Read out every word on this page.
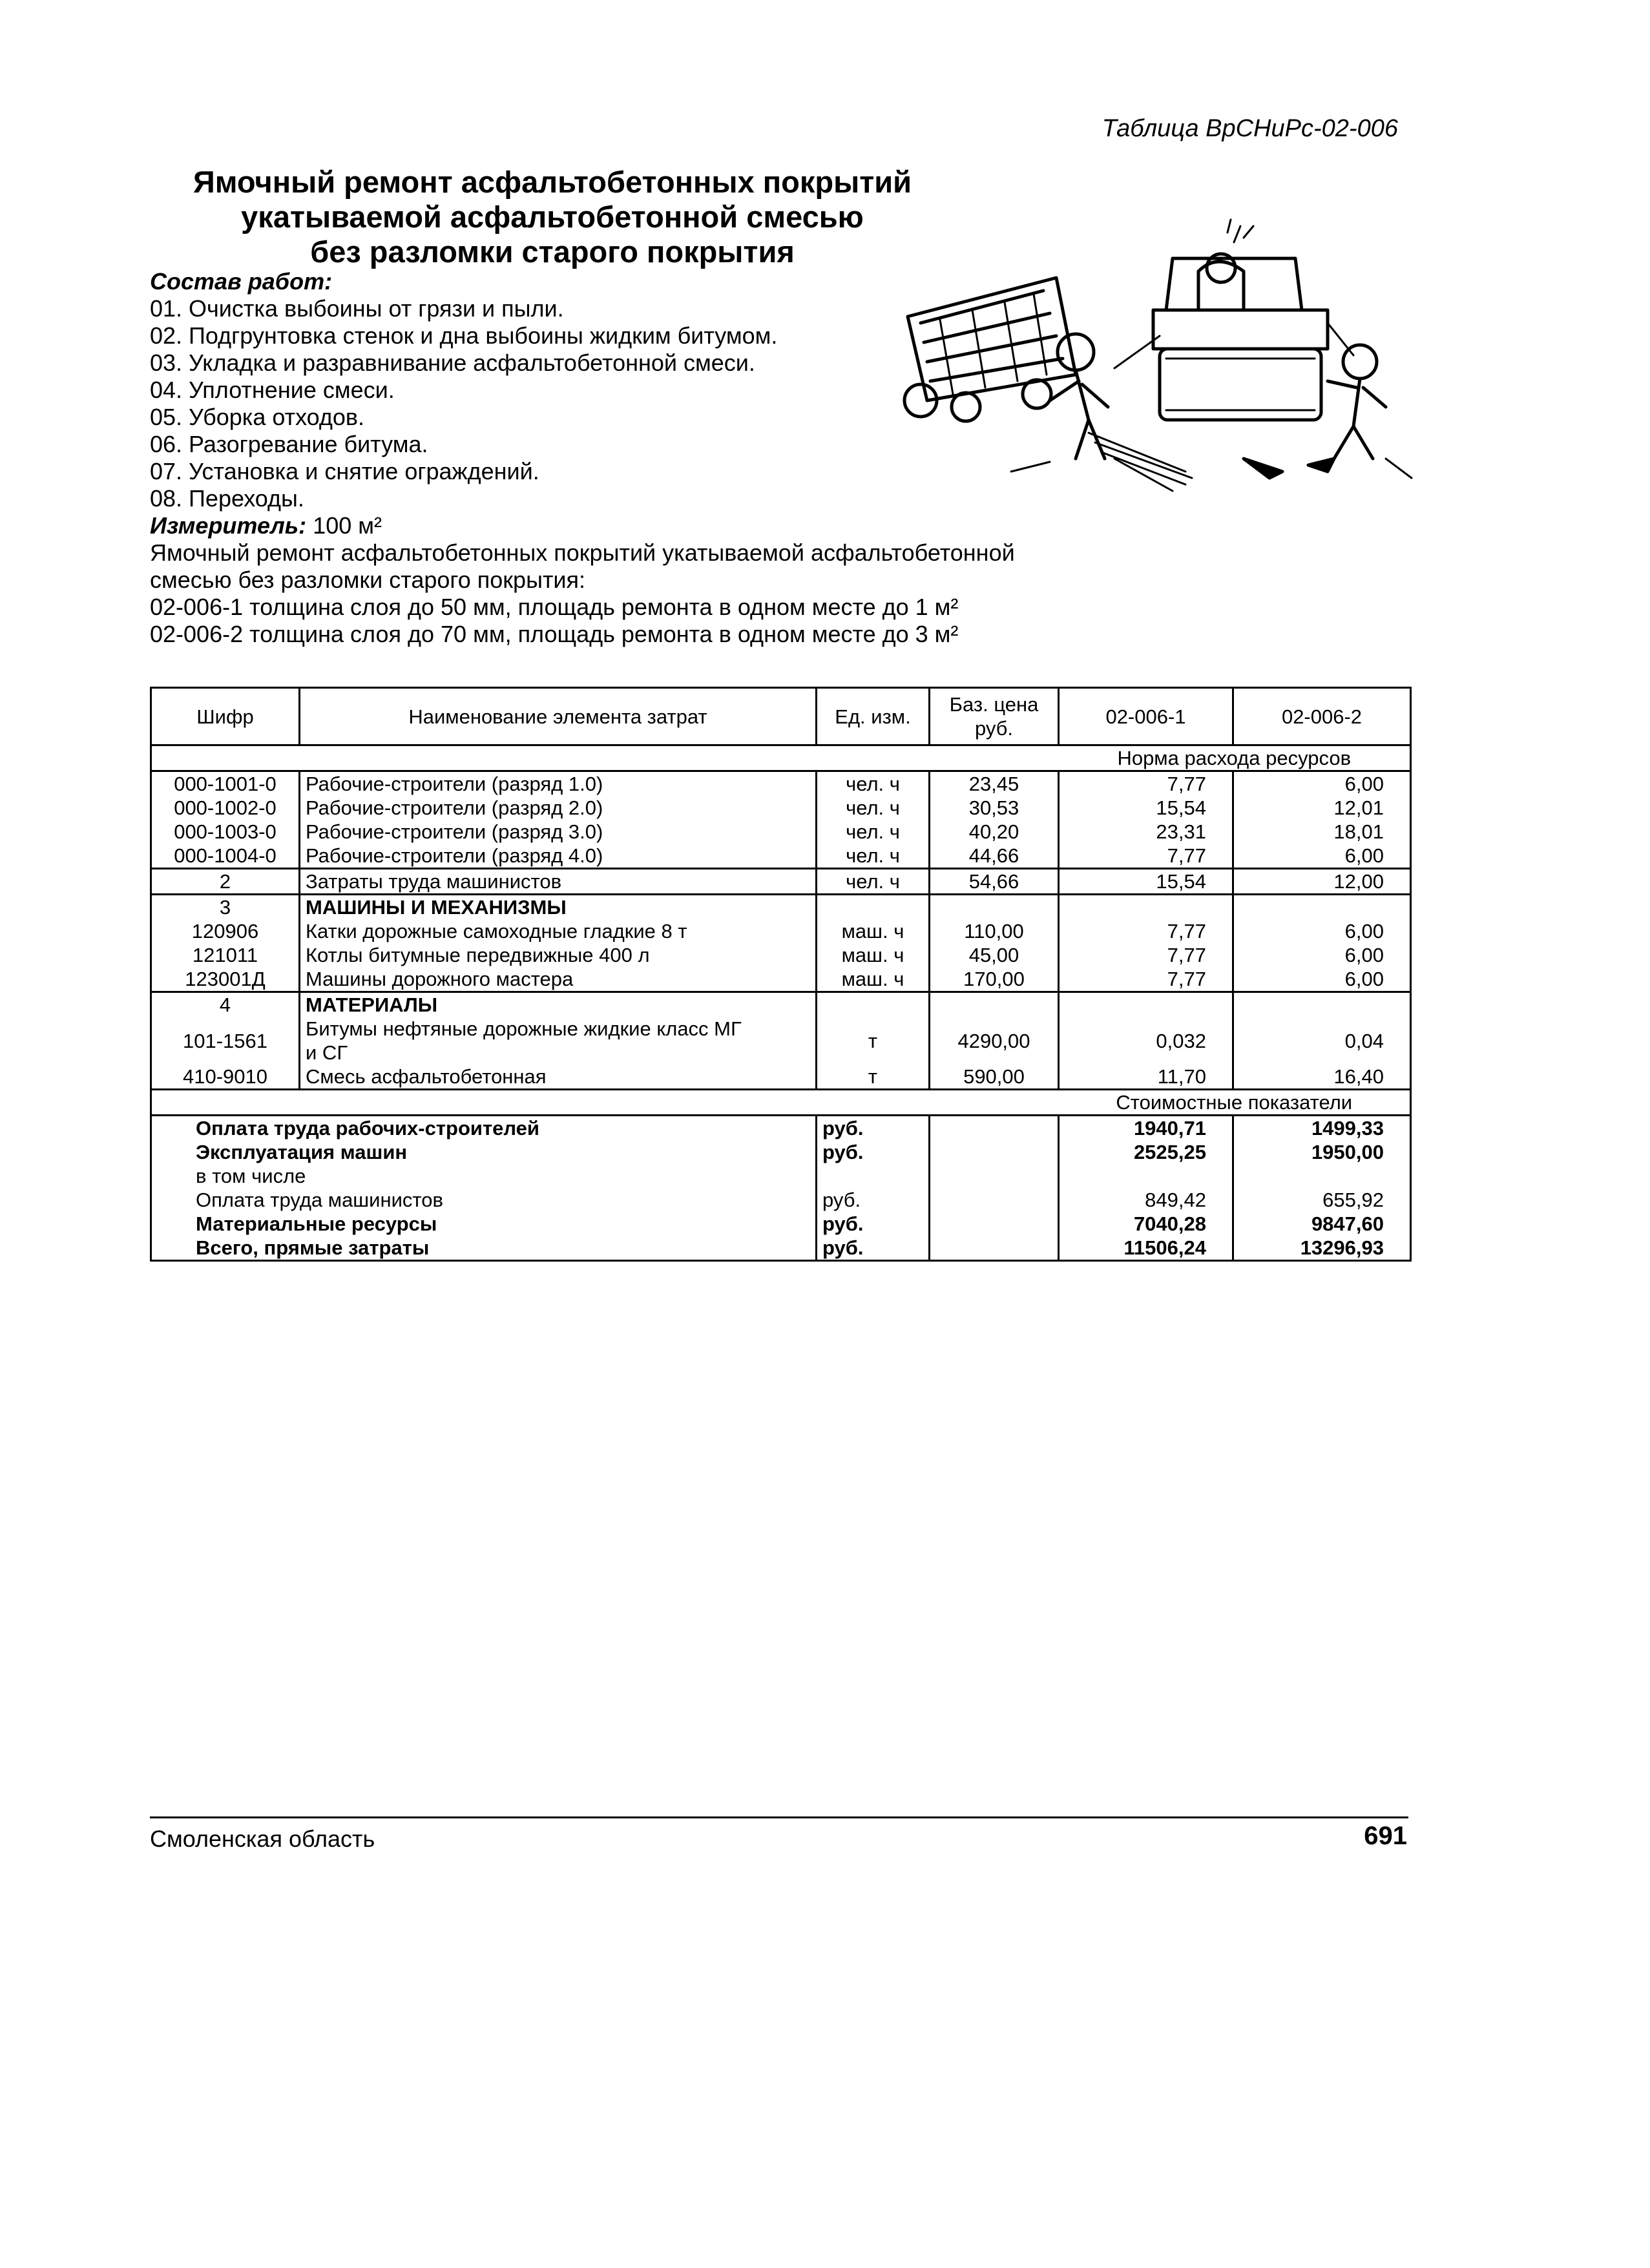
Таблица ВрСНиРс-02-006
Ямочный ремонт асфальтобетонных покрытий
укатываемой асфальтобетонной смесью
без разломки старого покрытия
Состав работ:
01. Очистка выбоины от грязи и пыли.
02. Подгрунтовка стенок и дна выбоины жидким битумом.
03. Укладка и разравнивание асфальтобетонной смеси.
04. Уплотнение смеси.
05. Уборка отходов.
06. Разогревание битума.
07. Установка и снятие ограждений.
08. Переходы.
Измеритель: 100 м²
Ямочный ремонт асфальтобетонных покрытий укатываемой асфальтобетонной
смесью без разломки старого покрытия:
02-006-1 толщина слоя до 50 мм, площадь ремонта в одном месте до 1 м²
02-006-2 толщина слоя до 70 мм, площадь ремонта в одном месте до 3 м²
Шифр	Наименование элемента затрат	Ед. изм.	Баз. цена руб.	02-006-1	02-006-2
				Норма расхода ресурсов	
000-1001-0	Рабочие-строители (разряд 1.0)	чел. ч	23,45	7,77	6,00
000-1002-0	Рабочие-строители (разряд 2.0)	чел. ч	30,53	15,54	12,01
000-1003-0	Рабочие-строители (разряд 3.0)	чел. ч	40,20	23,31	18,01
000-1004-0	Рабочие-строители (разряд 4.0)	чел. ч	44,66	7,77	6,00
2	Затраты труда машинистов	чел. ч	54,66	15,54	12,00
3	МАШИНЫ И МЕХАНИЗМЫ				
120906	Катки дорожные самоходные гладкие 8 т	маш. ч	110,00	7,77	6,00
121011	Котлы битумные передвижные 400 л	маш. ч	45,00	7,77	6,00
123001Д	Машины дорожного мастера	маш. ч	170,00	7,77	6,00
4	МАТЕРИАЛЫ				
101-1561	Битумы нефтяные дорожные жидкие класс МГ
и СГ	т	4290,00	0,032	0,04
410-9010	Смесь асфальтобетонная	т	590,00	11,70	16,40
				Стоимостные показатели	
Оплата труда рабочих-строителей		руб.		1940,71	1499,33
Эксплуатация машин		руб.		2525,25	1950,00
в том числе					
Оплата труда машинистов		руб.		849,42	655,92
Материальные ресурсы		руб.		7040,28	9847,60
Всего, прямые затраты		руб.		11506,24	13296,93
Смоленская область	691
